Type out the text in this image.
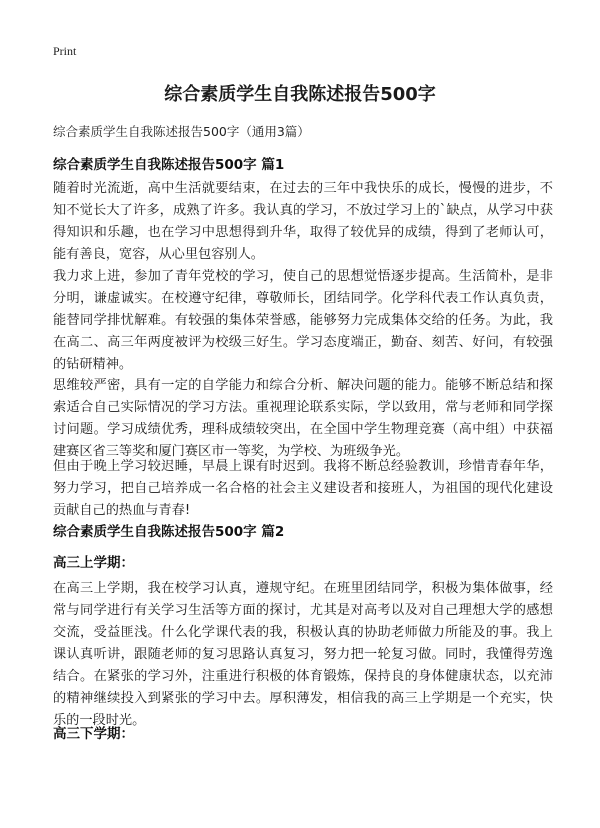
Print
综合素质学生自我陈述报告500字
综合素质学生自我陈述报告500字（通用3篇）
综合素质学生自我陈述报告500字 篇1
随着时光流逝，高中生活就要结束，在过去的三年中我快乐的成长，慢慢的进步，不知不觉长大了许多，成熟了许多。我认真的学习，不放过学习上的`缺点，从学习中获得知识和乐趣，也在学习中思想得到升华，取得了较优异的成绩，得到了老师认可，能有善良，宽容，从心里包容别人。
我力求上进，参加了青年党校的学习，使自己的思想觉悟逐步提高。生活简朴，是非分明，谦虚诚实。在校遵守纪律，尊敬师长，团结同学。化学科代表工作认真负责，能替同学排忧解难。有较强的集体荣誉感，能够努力完成集体交给的任务。为此，我在高二、高三年两度被评为校级三好生。学习态度端正，勤奋、刻苦、好问，有较强的钻研精神。
思维较严密，具有一定的自学能力和综合分析、解决问题的能力。能够不断总结和探索适合自己实际情况的学习方法。重视理论联系实际，学以致用，常与老师和同学探讨问题。学习成绩优秀，理科成绩较突出，在全国中学生物理竞赛（高中组）中获福建赛区省三等奖和厦门赛区市一等奖，为学校、为班级争光。
但由于晚上学习较迟睡，早晨上课有时迟到。我将不断总经验教训，珍惜青春年华，努力学习，把自己培养成一名合格的社会主义建设者和接班人，为祖国的现代化建设贡献自己的热血与青春!
综合素质学生自我陈述报告500字 篇2
高三上学期：
在高三上学期，我在校学习认真，遵规守纪。在班里团结同学，积极为集体做事，经常与同学进行有关学习生活等方面的探讨，尤其是对高考以及对自己理想大学的感想交流，受益匪浅。什么化学课代表的我，积极认真的协助老师做力所能及的事。我上课认真听讲，跟随老师的复习思路认真复习，努力把一轮复习做。同时，我懂得劳逸结合。在紧张的学习外，注重进行积极的体育锻炼，保持良的身体健康状态，以充沛的精神继续投入到紧张的学习中去。厚积薄发，相信我的高三上学期是一个充实，快乐的一段时光。
高三下学期：
